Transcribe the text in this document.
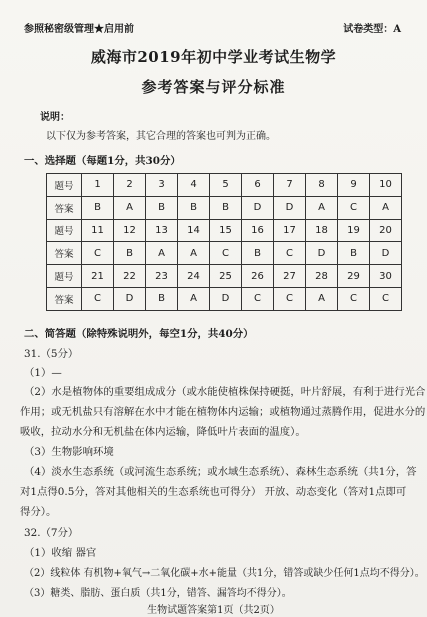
参照秘密级管理★启用前	试卷类型：A
威海市2019年初中学业考试生物学
参考答案与评分标准
说明：
以下仅为参考答案，其它合理的答案也可判为正确。
一、选择题（每题1分，共30分）
题号	1	2	3	4	5	6	7	8	9	10
答案	B	A	B	B	B	D	D	A	C	A
题号	11	12	13	14	15	16	17	18	19	20
答案	C	B	A	A	C	B	C	D	B	D
题号	21	22	23	24	25	26	27	28	29	30
答案	C	D	B	A	D	C	C	A	C	C
二、简答题（除特殊说明外，每空1分，共40分）
31.（5分）
（1）—
（2）水是植物体的重要组成成分（或水能使植株保持硬挺，叶片舒展，有利于进行光合
作用；或无机盐只有溶解在水中才能在植物体内运输；或植物通过蒸腾作用，促进水分的
吸收，拉动水分和无机盐在体内运输，降低叶片表面的温度）。
（3）生物影响环境
（4）淡水生态系统（或河流生态系统；或水域生态系统）、森林生态系统（共1分，答
对1点得0.5分，答对其他相关的生态系统也可得分） 开放、动态变化（答对1点即可
得分）。
32.（7分）
（1）收缩 器官
（2）线粒体 有机物+氧气→二氧化碳+水+能量（共1分，错答或缺少任何1点均不得分）。
（3）糖类、脂肪、蛋白质（共1分，错答、漏答均不得分）。
生物试题答案第1页（共2页）
